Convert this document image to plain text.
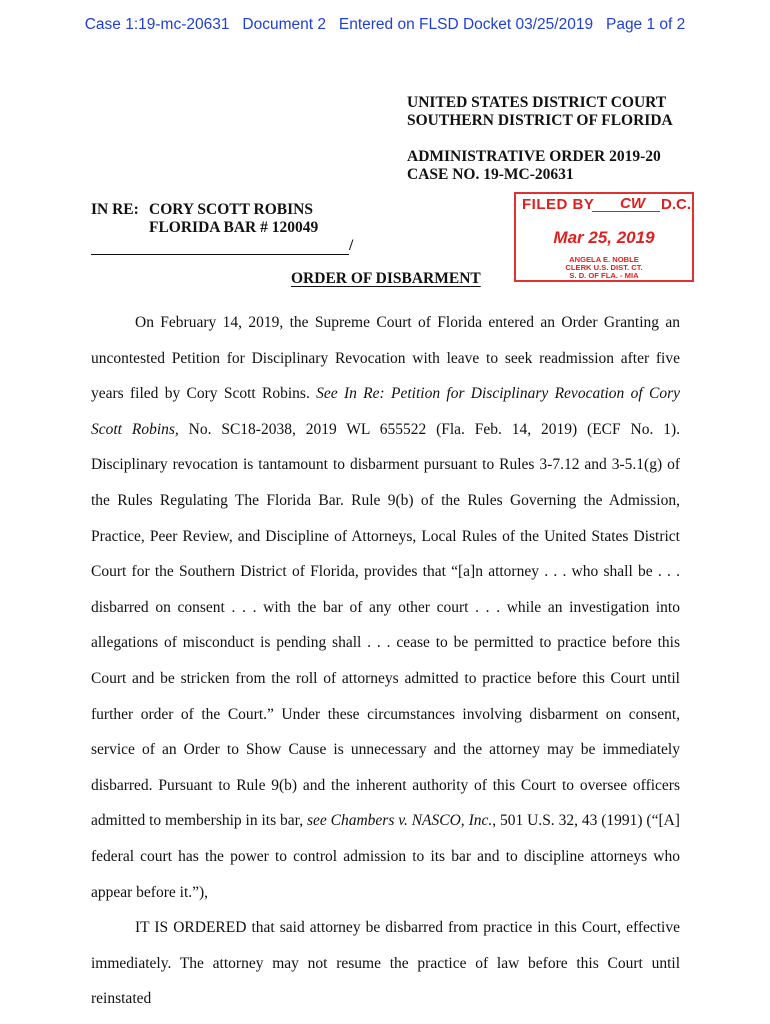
Case 1:19-mc-20631   Document 2   Entered on FLSD Docket 03/25/2019   Page 1 of 2
UNITED STATES DISTRICT COURT
SOUTHERN DISTRICT OF FLORIDA
ADMINISTRATIVE ORDER 2019-20
CASE NO. 19-MC-20631
IN RE: CORY SCOTT ROBINS
FLORIDA BAR # 120049
/
FILED BY CW D.C.
Mar 25, 2019
ANGELA E. NOBLE
CLERK U.S. DIST. CT.
S. D. OF FLA. - MIA
ORDER OF DISBARMENT

On February 14, 2019, the Supreme Court of Florida entered an Order Granting an uncontested Petition for Disciplinary Revocation with leave to seek readmission after five years filed by Cory Scott Robins. See In Re: Petition for Disciplinary Revocation of Cory Scott Robins, No. SC18-2038, 2019 WL 655522 (Fla. Feb. 14, 2019) (ECF No. 1). Disciplinary revocation is tantamount to disbarment pursuant to Rules 3-7.12 and 3-5.1(g) of the Rules Regulating The Florida Bar. Rule 9(b) of the Rules Governing the Admission, Practice, Peer Review, and Discipline of Attorneys, Local Rules of the United States District Court for the Southern District of Florida, provides that “[a]n attorney . . . who shall be . . . disbarred on consent . . . with the bar of any other court . . . while an investigation into allegations of misconduct is pending shall . . . cease to be permitted to practice before this Court and be stricken from the roll of attorneys admitted to practice before this Court until further order of the Court.” Under these circumstances involving disbarment on consent, service of an Order to Show Cause is unnecessary and the attorney may be immediately disbarred. Pursuant to Rule 9(b) and the inherent authority of this Court to oversee officers admitted to membership in its bar, see Chambers v. NASCO, Inc., 501 U.S. 32, 43 (1991) (“[A] federal court has the power to control admission to its bar and to discipline attorneys who appear before it.”),

IT IS ORDERED that said attorney be disbarred from practice in this Court, effective immediately. The attorney may not resume the practice of law before this Court until reinstated
